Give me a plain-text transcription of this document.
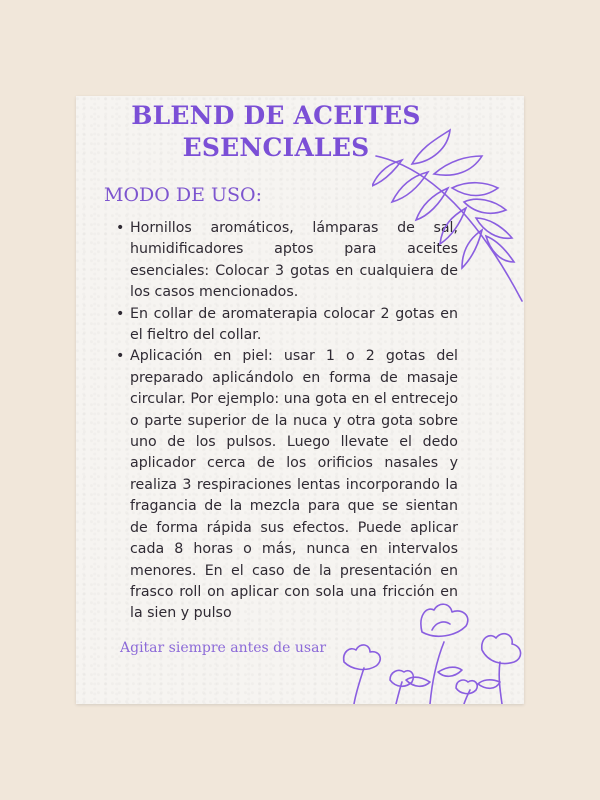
BLEND DE ACEITES ESENCIALES
MODO DE USO:
• Hornillos aromáticos, lámparas de sal, humidificadores aptos para aceites esenciales: Colocar 3 gotas en cualquiera de los casos mencionados.
• En collar de aromaterapia colocar 2 gotas en el fieltro del collar.
• Aplicación en piel: usar 1 o 2 gotas del preparado aplicándolo en forma de masaje circular. Por ejemplo: una gota en el entrecejo o parte superior de la nuca y otra gota sobre uno de los pulsos. Luego llevate el dedo aplicador cerca de los orificios nasales y realiza 3 respiraciones lentas incorporando la fragancia de la mezcla para que se sientan de forma rápida sus efectos. Puede aplicar cada 8 horas o más, nunca en intervalos menores. En el caso de la presentación en frasco roll on aplicar con sola una fricción en la sien y pulso
Agitar siempre antes de usar
